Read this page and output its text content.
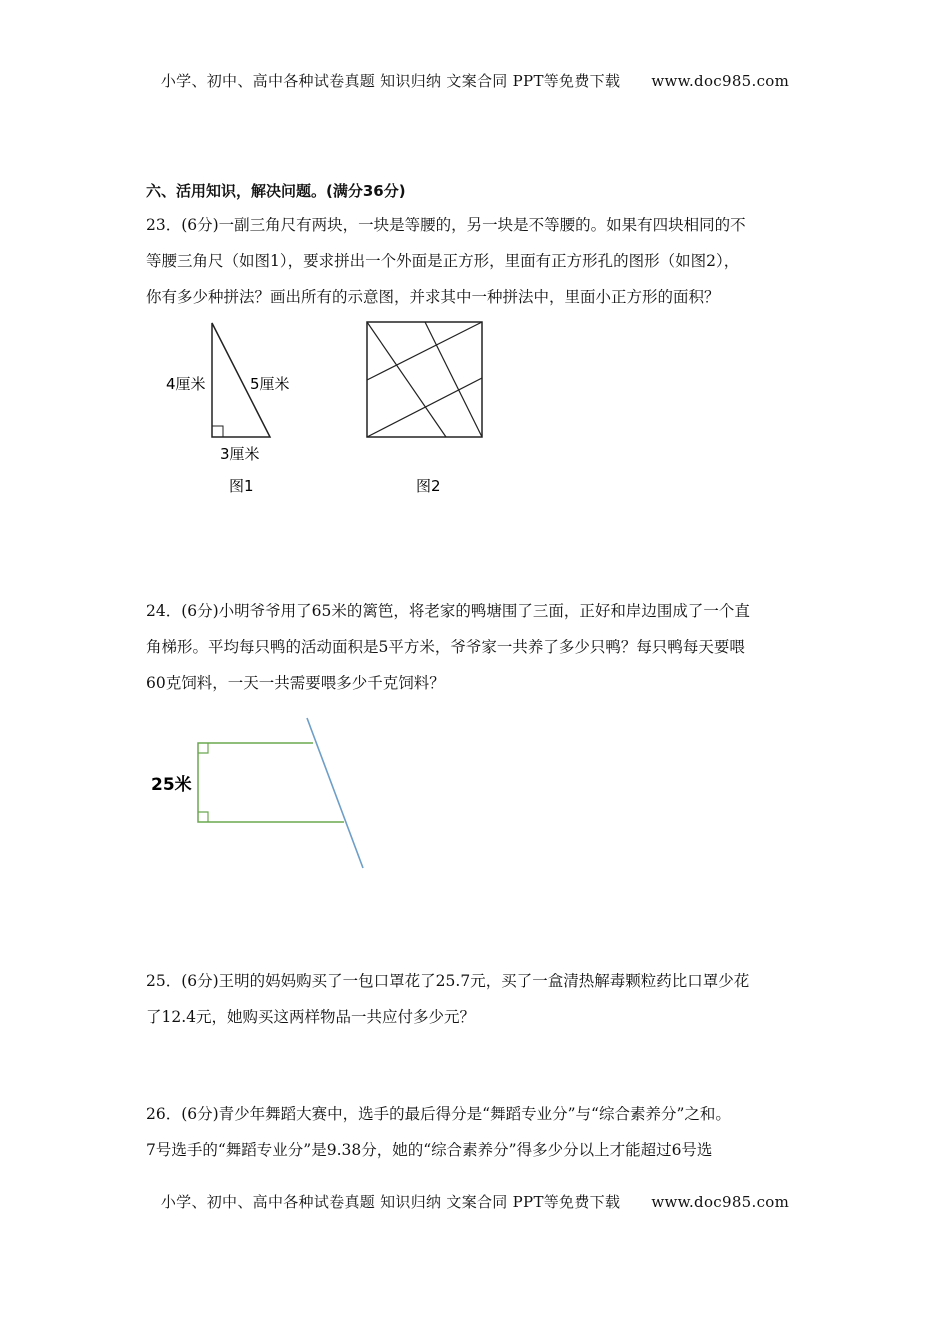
小学、初中、高中各种试卷真题 知识归纳 文案合同 PPT等免费下载 www.doc985.com
六、活用知识，解决问题。(满分36分)
23．(6分)一副三角尺有两块，一块是等腰的，另一块是不等腰的。如果有四块相同的不
等腰三角尺（如图1），要求拼出一个外面是正方形，里面有正方形孔的图形（如图2），
你有多少种拼法？画出所有的示意图，并求其中一种拼法中，里面小正方形的面积？
4厘米	5厘米
3厘米
图1	图2
24．(6分)小明爷爷用了65米的篱笆，将老家的鸭塘围了三面，正好和岸边围成了一个直
角梯形。平均每只鸭的活动面积是5平方米，爷爷家一共养了多少只鸭？每只鸭每天要喂
60克饲料，一天一共需要喂多少千克饲料？
25米
25．(6分)王明的妈妈购买了一包口罩花了25.7元，买了一盒清热解毒颗粒药比口罩少花
了12.4元，她购买这两样物品一共应付多少元？
26．(6分)青少年舞蹈大赛中，选手的最后得分是“舞蹈专业分”与“综合素养分”之和。
7号选手的“舞蹈专业分”是9.38分，她的“综合素养分”得多少分以上才能超过6号选
小学、初中、高中各种试卷真题 知识归纳 文案合同 PPT等免费下载 www.doc985.com
